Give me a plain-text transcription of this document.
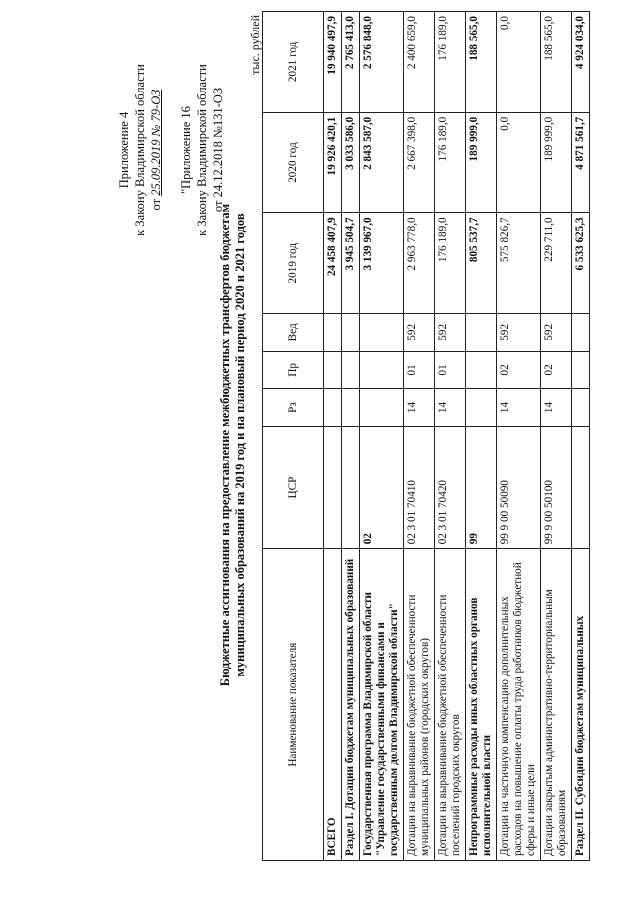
Приложение 4 к Закону Владимирской области от 25.09.2019 № 79-ОЗ "Приложение 16 к Закону Владимирской области от 24.12.2018 №131-ОЗ
Бюджетные ассигнования на предоставление межбюджетных трансфертов бюджетам муниципальных образований на 2019 год и на плановый период 2020 и 2021 годов
тыс. рублей
Наименование показателя	ЦСР	Рз	Пр	Вед	2019 год	2020 год	2021 год
ВСЕГО					24 458 407,9	19 926 420,1	19 940 497,9
Раздел I. Дотации бюджетам муниципальных образований					3 945 504,7	3 033 586,0	2 765 413,0
Государственная программа Владимирской области "Управление государственными финансами и государственным долгом Владимирской области"	02				3 139 967,0	2 843 587,0	2 576 848,0
Дотации на выравнивание бюджетной обеспеченности муниципальных районов (городских округов)	02 3 01 70410	14	01	592	2 963 778,0	2 667 398,0	2 400 659,0
Дотации на выравнивание бюджетной обеспеченности поселений городских округов	02 3 01 70420	14	01	592	176 189,0	176 189,0	176 189,0
Непрограммные расходы иных областных органов исполнительной власти	99				805 537,7	189 999,0	188 565,0
Дотации на частичную компенсацию дополнительных расходов на повышение оплаты труда работников бюджетной сферы и иные цели	99 9 00 50090	14	02	592	575 826,7	0,0	0,0
Дотации закрытым административно-территориальным образованиям	99 9 00 50100	14	02	592	229 711,0	189 999,0	188 565,0
Раздел II. Субсидии бюджетам муниципальных					6 533 625,3	4 871 561,7	4 924 034,0
